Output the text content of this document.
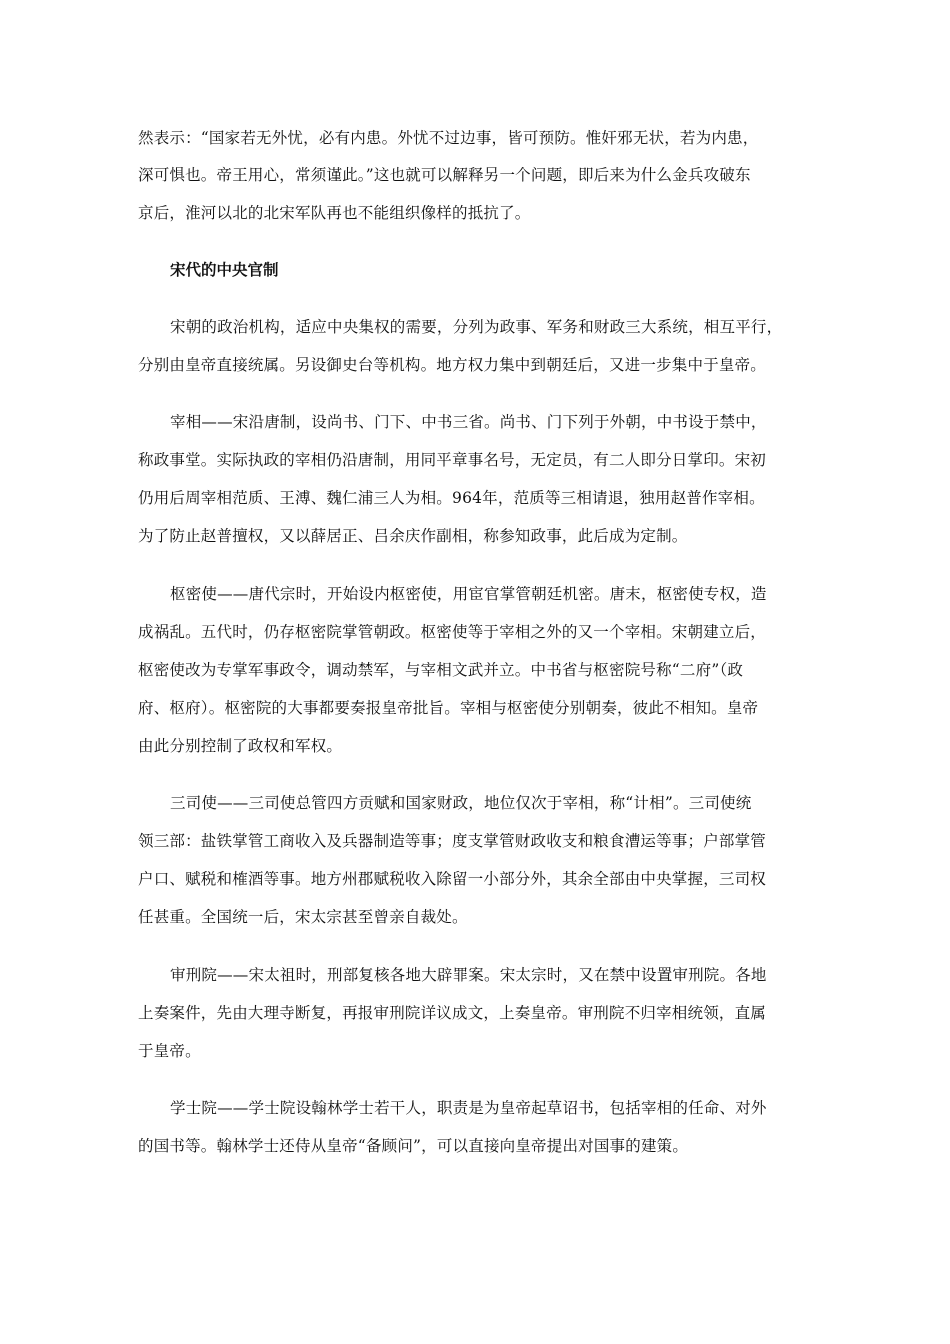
然表示：“国家若无外忧，必有内患。外忧不过边事，皆可预防。惟奸邪无状，若为内患，
深可惧也。帝王用心，常须谨此。”这也就可以解释另一个问题，即后来为什么金兵攻破东
京后，淮河以北的北宋军队再也不能组织像样的抵抗了。
宋代的中央官制
宋朝的政治机构，适应中央集权的需要，分列为政事、军务和财政三大系统，相互平行，
分别由皇帝直接统属。另设御史台等机构。地方权力集中到朝廷后，又进一步集中于皇帝。
宰相——宋沿唐制，设尚书、门下、中书三省。尚书、门下列于外朝，中书设于禁中，
称政事堂。实际执政的宰相仍沿唐制，用同平章事名号，无定员，有二人即分日掌印。宋初
仍用后周宰相范质、王溥、魏仁浦三人为相。964年，范质等三相请退，独用赵普作宰相。
为了防止赵普擅权，又以薛居正、吕余庆作副相，称参知政事，此后成为定制。
枢密使——唐代宗时，开始设内枢密使，用宦官掌管朝廷机密。唐末，枢密使专权，造
成祸乱。五代时，仍存枢密院掌管朝政。枢密使等于宰相之外的又一个宰相。宋朝建立后，
枢密使改为专掌军事政令，调动禁军，与宰相文武并立。中书省与枢密院号称“二府”（政
府、枢府）。枢密院的大事都要奏报皇帝批旨。宰相与枢密使分别朝奏，彼此不相知。皇帝
由此分别控制了政权和军权。
三司使——三司使总管四方贡赋和国家财政，地位仅次于宰相，称“计相”。三司使统
领三部：盐铁掌管工商收入及兵器制造等事；度支掌管财政收支和粮食漕运等事；户部掌管
户口、赋税和榷酒等事。地方州郡赋税收入除留一小部分外，其余全部由中央掌握，三司权
任甚重。全国统一后，宋太宗甚至曾亲自裁处。
审刑院——宋太祖时，刑部复核各地大辟罪案。宋太宗时，又在禁中设置审刑院。各地
上奏案件，先由大理寺断复，再报审刑院详议成文，上奏皇帝。审刑院不归宰相统领，直属
于皇帝。
学士院——学士院设翰林学士若干人，职责是为皇帝起草诏书，包括宰相的任命、对外
的国书等。翰林学士还侍从皇帝“备顾问”，可以直接向皇帝提出对国事的建策。
